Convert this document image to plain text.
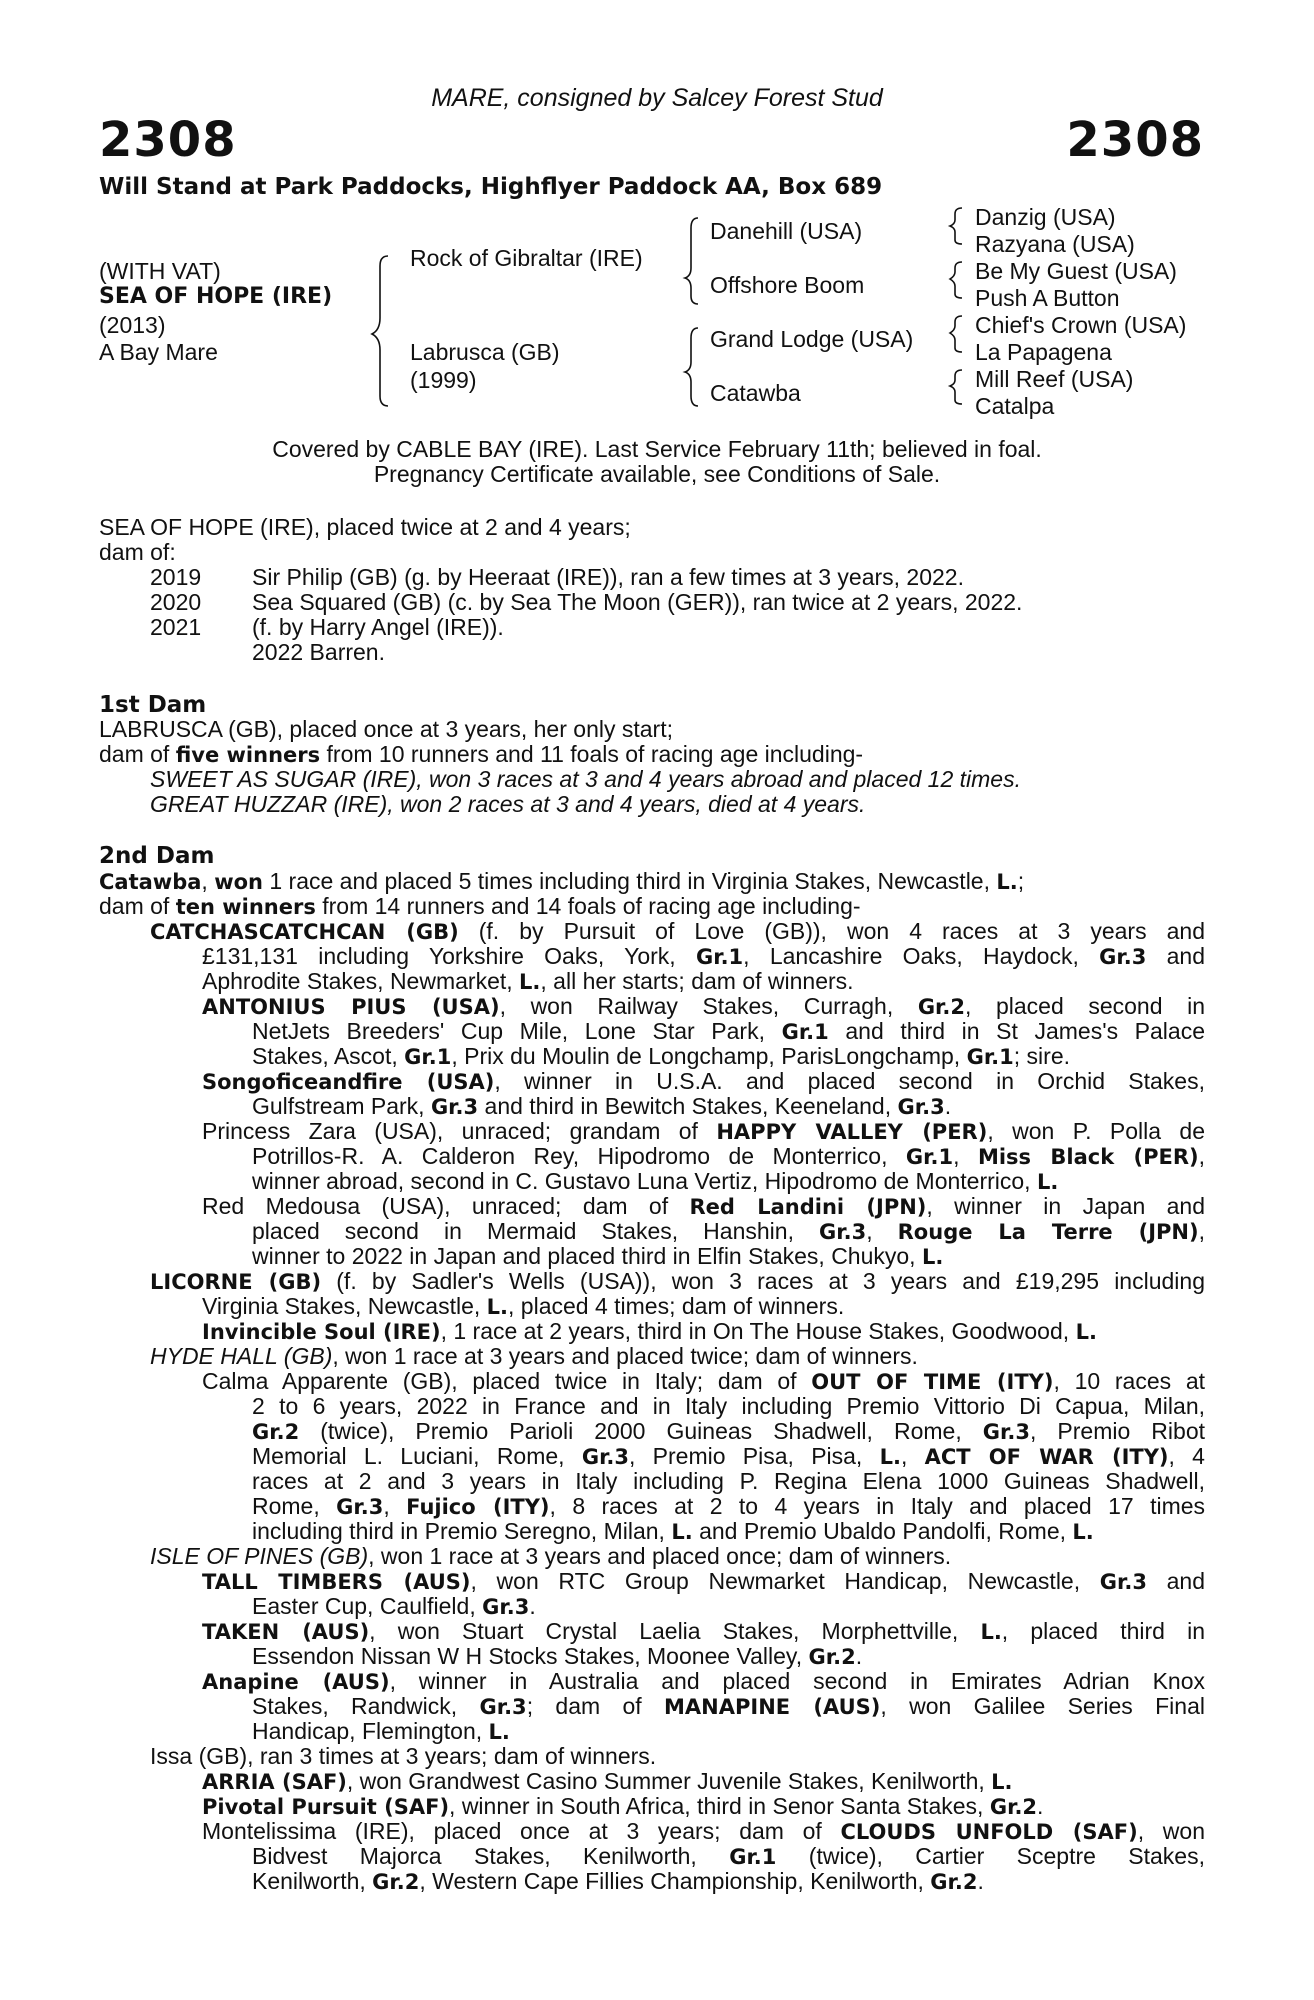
MARE, consigned by Salcey Forest Stud
2308	2308
Will Stand at Park Paddocks, Highflyer Paddock AA, Box 689
(WITH VAT)
SEA OF HOPE (IRE)
(2013)
A Bay Mare
Rock of Gibraltar (IRE)
Labrusca (GB)
(1999)
Danehill (USA)
Offshore Boom
Grand Lodge (USA)
Catawba
Danzig (USA)
Razyana (USA)
Be My Guest (USA)
Push A Button
Chief's Crown (USA)
La Papagena
Mill Reef (USA)
Catalpa
Covered by CABLE BAY (IRE). Last Service February 11th; believed in foal.
Pregnancy Certificate available, see Conditions of Sale.
SEA OF HOPE (IRE), placed twice at 2 and 4 years;
dam of:
2019 Sir Philip (GB) (g. by Heeraat (IRE)), ran a few times at 3 years, 2022.
2020 Sea Squared (GB) (c. by Sea The Moon (GER)), ran twice at 2 years, 2022.
2021 (f. by Harry Angel (IRE)).
2022 Barren.
1st Dam
LABRUSCA (GB), placed once at 3 years, her only start;
dam of five winners from 10 runners and 11 foals of racing age including-
SWEET AS SUGAR (IRE), won 3 races at 3 and 4 years abroad and placed 12 times.
GREAT HUZZAR (IRE), won 2 races at 3 and 4 years, died at 4 years.
2nd Dam
Catawba, won 1 race and placed 5 times including third in Virginia Stakes, Newcastle, L.;
dam of ten winners from 14 runners and 14 foals of racing age including-
CATCHASCATCHCAN (GB) (f. by Pursuit of Love (GB)), won 4 races at 3 years and
£131,131 including Yorkshire Oaks, York, Gr.1, Lancashire Oaks, Haydock, Gr.3 and
Aphrodite Stakes, Newmarket, L., all her starts; dam of winners.
ANTONIUS PIUS (USA), won Railway Stakes, Curragh, Gr.2, placed second in
NetJets Breeders' Cup Mile, Lone Star Park, Gr.1 and third in St James's Palace
Stakes, Ascot, Gr.1, Prix du Moulin de Longchamp, ParisLongchamp, Gr.1; sire.
Songoficeandfire (USA), winner in U.S.A. and placed second in Orchid Stakes,
Gulfstream Park, Gr.3 and third in Bewitch Stakes, Keeneland, Gr.3.
Princess Zara (USA), unraced; grandam of HAPPY VALLEY (PER), won P. Polla de
Potrillos-R. A. Calderon Rey, Hipodromo de Monterrico, Gr.1, Miss Black (PER),
winner abroad, second in C. Gustavo Luna Vertiz, Hipodromo de Monterrico, L.
Red Medousa (USA), unraced; dam of Red Landini (JPN), winner in Japan and
placed second in Mermaid Stakes, Hanshin, Gr.3, Rouge La Terre (JPN),
winner to 2022 in Japan and placed third in Elfin Stakes, Chukyo, L.
LICORNE (GB) (f. by Sadler's Wells (USA)), won 3 races at 3 years and £19,295 including
Virginia Stakes, Newcastle, L., placed 4 times; dam of winners.
Invincible Soul (IRE), 1 race at 2 years, third in On The House Stakes, Goodwood, L.
HYDE HALL (GB), won 1 race at 3 years and placed twice; dam of winners.
Calma Apparente (GB), placed twice in Italy; dam of OUT OF TIME (ITY), 10 races at
2 to 6 years, 2022 in France and in Italy including Premio Vittorio Di Capua, Milan,
Gr.2 (twice), Premio Parioli 2000 Guineas Shadwell, Rome, Gr.3, Premio Ribot
Memorial L. Luciani, Rome, Gr.3, Premio Pisa, Pisa, L., ACT OF WAR (ITY), 4
races at 2 and 3 years in Italy including P. Regina Elena 1000 Guineas Shadwell,
Rome, Gr.3, Fujico (ITY), 8 races at 2 to 4 years in Italy and placed 17 times
including third in Premio Seregno, Milan, L. and Premio Ubaldo Pandolfi, Rome, L.
ISLE OF PINES (GB), won 1 race at 3 years and placed once; dam of winners.
TALL TIMBERS (AUS), won RTC Group Newmarket Handicap, Newcastle, Gr.3 and
Easter Cup, Caulfield, Gr.3.
TAKEN (AUS), won Stuart Crystal Laelia Stakes, Morphettville, L., placed third in
Essendon Nissan W H Stocks Stakes, Moonee Valley, Gr.2.
Anapine (AUS), winner in Australia and placed second in Emirates Adrian Knox
Stakes, Randwick, Gr.3; dam of MANAPINE (AUS), won Galilee Series Final
Handicap, Flemington, L.
Issa (GB), ran 3 times at 3 years; dam of winners.
ARRIA (SAF), won Grandwest Casino Summer Juvenile Stakes, Kenilworth, L.
Pivotal Pursuit (SAF), winner in South Africa, third in Senor Santa Stakes, Gr.2.
Montelissima (IRE), placed once at 3 years; dam of CLOUDS UNFOLD (SAF), won
Bidvest Majorca Stakes, Kenilworth, Gr.1 (twice), Cartier Sceptre Stakes,
Kenilworth, Gr.2, Western Cape Fillies Championship, Kenilworth, Gr.2.
